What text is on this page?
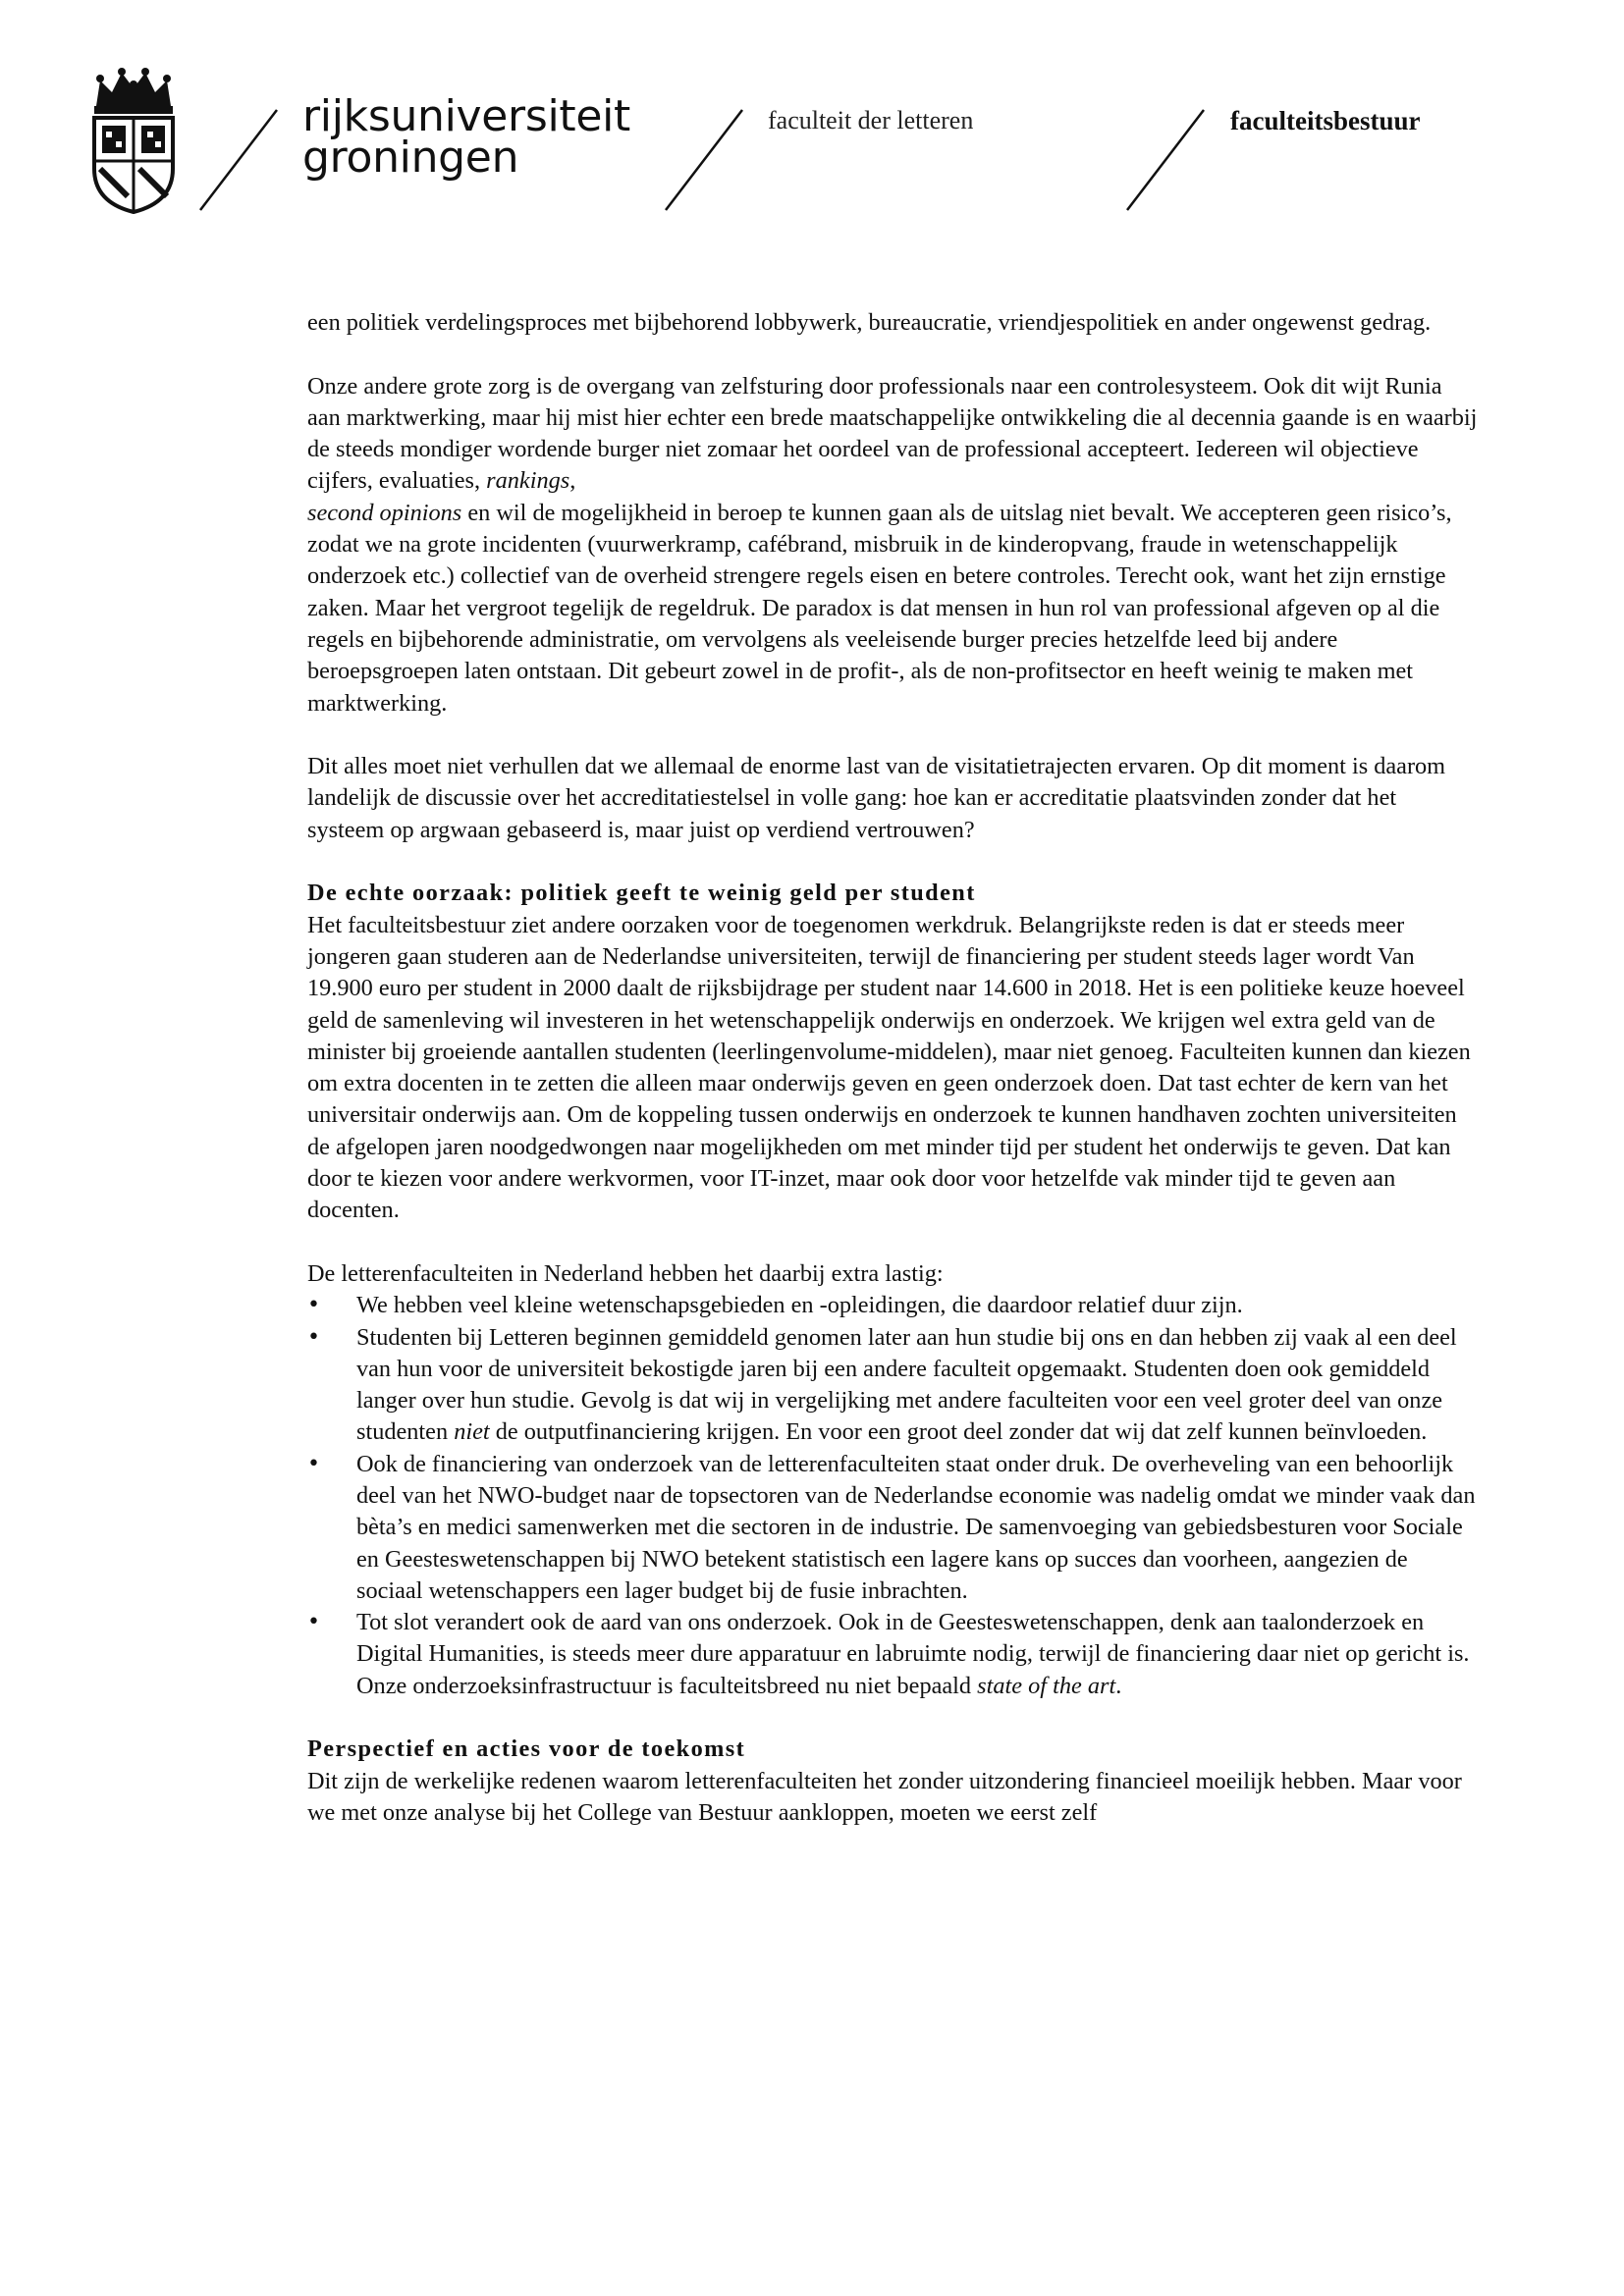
rijksuniversiteit
groningen
faculteit der letteren	faculteitsbestuur

een politiek verdelingsproces met bijbehorend lobbywerk, bureaucratie, vriendjespolitiek en ander ongewenst gedrag.

Onze andere grote zorg is de overgang van zelfsturing door professionals naar een controlesysteem. Ook dit wijt Runia aan marktwerking, maar hij mist hier echter een brede maatschappelijke ontwikkeling die al decennia gaande is en waarbij de steeds mondiger wordende burger niet zomaar het oordeel van de professional accepteert. Iedereen wil objectieve cijfers, evaluaties, rankings,
second opinions en wil de mogelijkheid in beroep te kunnen gaan als de uitslag niet bevalt. We accepteren geen risico’s, zodat we na grote incidenten (vuurwerkramp, cafébrand, misbruik in de kinderopvang, fraude in wetenschappelijk onderzoek etc.) collectief van de overheid strengere regels eisen en betere controles. Terecht ook, want het zijn ernstige zaken. Maar het vergroot tegelijk de regeldruk. De paradox is dat mensen in hun rol van professional afgeven op al die regels en bijbehorende administratie, om vervolgens als veeleisende burger precies hetzelfde leed bij andere beroepsgroepen laten ontstaan. Dit gebeurt zowel in de profit-, als de non-profitsector en heeft weinig te maken met marktwerking.

Dit alles moet niet verhullen dat we allemaal de enorme last van de visitatietrajecten ervaren. Op dit moment is daarom landelijk de discussie over het accreditatiestelsel in volle gang: hoe kan er accreditatie plaatsvinden zonder dat het systeem op argwaan gebaseerd is, maar juist op verdiend vertrouwen?

De echte oorzaak: politiek geeft te weinig geld per student

Het faculteitsbestuur ziet andere oorzaken voor de toegenomen werkdruk. Belangrijkste reden is dat er steeds meer jongeren gaan studeren aan de Nederlandse universiteiten, terwijl de financiering per student steeds lager wordt Van 19.900 euro per student in 2000 daalt de rijksbijdrage per student naar 14.600 in 2018. Het is een politieke keuze hoeveel geld de samenleving wil investeren in het wetenschappelijk onderwijs en onderzoek. We krijgen wel extra geld van de minister bij groeiende aantallen studenten (leerlingenvolume-middelen), maar niet genoeg. Faculteiten kunnen dan kiezen om extra docenten in te zetten die alleen maar onderwijs geven en geen onderzoek doen. Dat tast echter de kern van het universitair onderwijs aan. Om de koppeling tussen onderwijs en onderzoek te kunnen handhaven zochten universiteiten de afgelopen jaren noodgedwongen naar mogelijkheden om met minder tijd per student het onderwijs te geven. Dat kan door te kiezen voor andere werkvormen, voor IT-inzet, maar ook door voor hetzelfde vak minder tijd te geven aan docenten.

De letterenfaculteiten in Nederland hebben het daarbij extra lastig:

• We hebben veel kleine wetenschapsgebieden en -opleidingen, die daardoor relatief duur zijn.
• Studenten bij Letteren beginnen gemiddeld genomen later aan hun studie bij ons en dan hebben zij vaak al een deel van hun voor de universiteit bekostigde jaren bij een andere faculteit opgemaakt. Studenten doen ook gemiddeld langer over hun studie. Gevolg is dat wij in vergelijking met andere faculteiten voor een veel groter deel van onze studenten niet de outputfinanciering krijgen. En voor een groot deel zonder dat wij dat zelf kunnen beïnvloeden.
• Ook de financiering van onderzoek van de letterenfaculteiten staat onder druk. De overheveling van een behoorlijk deel van het NWO-budget naar de topsectoren van de Nederlandse economie was nadelig omdat we minder vaak dan bèta’s en medici samenwerken met die sectoren in de industrie. De samenvoeging van gebiedsbesturen voor Sociale en Geesteswetenschappen bij NWO betekent statistisch een lagere kans op succes dan voorheen, aangezien de sociaal wetenschappers een lager budget bij de fusie inbrachten.
• Tot slot verandert ook de aard van ons onderzoek. Ook in de Geesteswetenschappen, denk aan taalonderzoek en Digital Humanities, is steeds meer dure apparatuur en labruimte nodig, terwijl de financiering daar niet op gericht is. Onze onderzoeksinfrastructuur is faculteitsbreed nu niet bepaald state of the art.
Perspectief en acties voor de toekomst

Dit zijn de werkelijke redenen waarom letterenfaculteiten het zonder uitzondering financieel moeilijk hebben. Maar voor we met onze analyse bij het College van Bestuur aankloppen, moeten we eerst zelf
